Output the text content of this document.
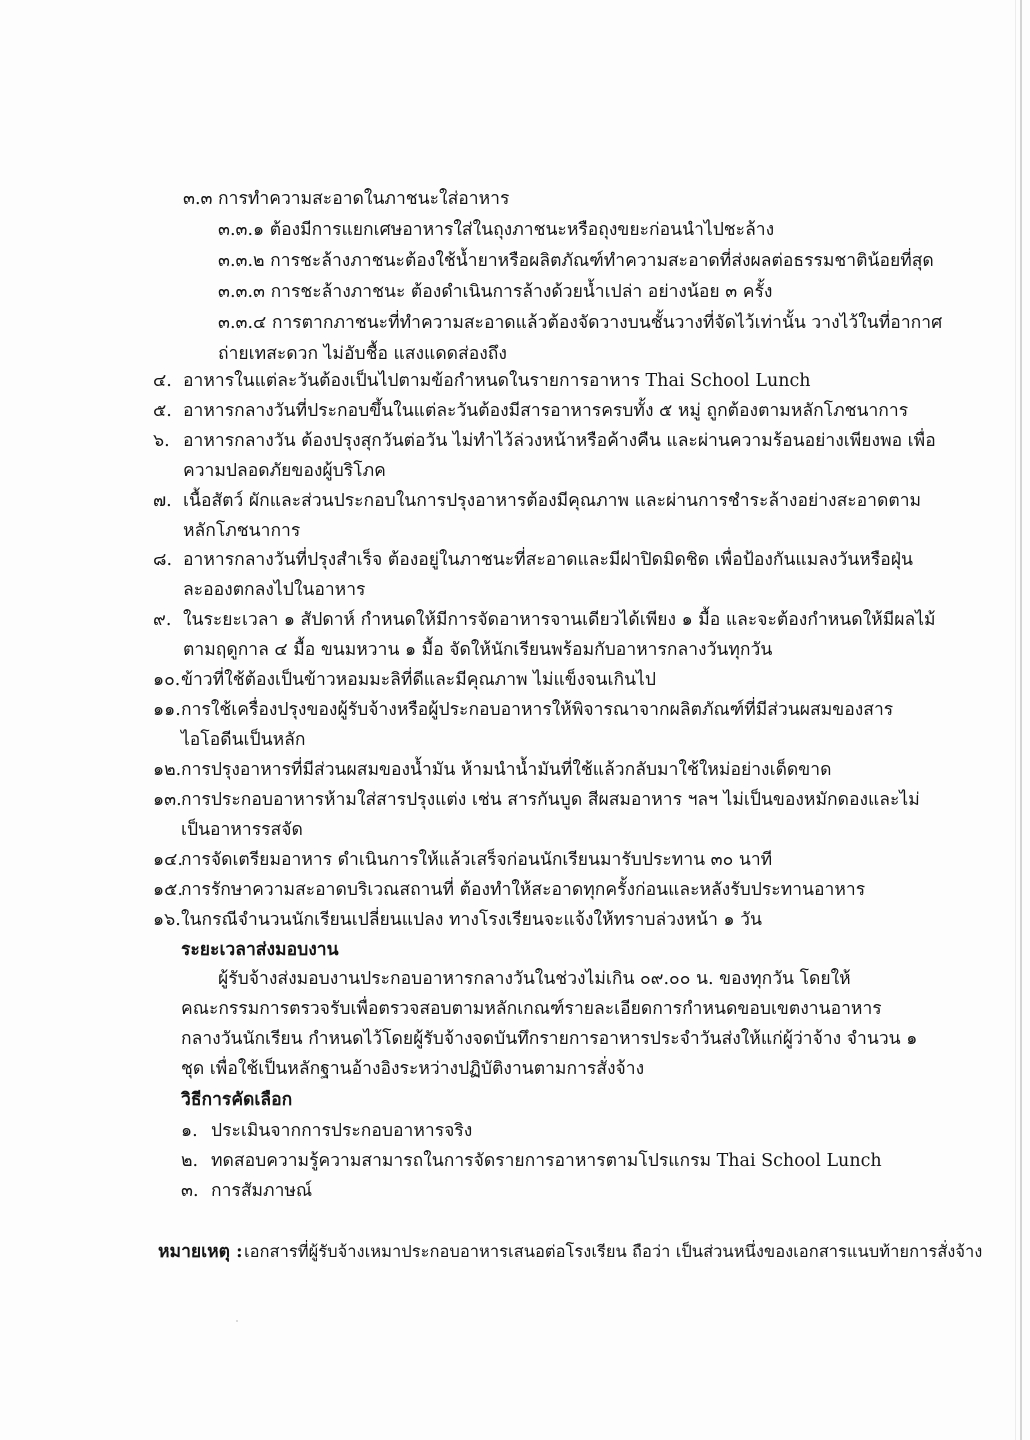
๓.๓ การทำความสะอาดในภาชนะใส่อาหาร
๓.๓.๑ ต้องมีการแยกเศษอาหารใส่ในถุงภาชนะหรือถุงขยะก่อนนำไปชะล้าง
๓.๓.๒ การชะล้างภาชนะต้องใช้น้ำยาหรือผลิตภัณฑ์ทำความสะอาดที่ส่งผลต่อธรรมชาติน้อยที่สุด
๓.๓.๓ การชะล้างภาชนะ ต้องดำเนินการล้างด้วยน้ำเปล่า อย่างน้อย ๓ ครั้ง
๓.๓.๔ การตากภาชนะที่ทำความสะอาดแล้วต้องจัดวางบนชั้นวางที่จัดไว้เท่านั้น วางไว้ในที่อากาศ
ถ่ายเทสะดวก ไม่อับชื้อ แสงแดดส่องถึง
๔. อาหารในแต่ละวันต้องเป็นไปตามข้อกำหนดในรายการอาหาร Thai School Lunch
๕. อาหารกลางวันที่ประกอบขึ้นในแต่ละวันต้องมีสารอาหารครบทั้ง ๕ หมู่ ถูกต้องตามหลักโภชนาการ
๖. อาหารกลางวัน ต้องปรุงสุกวันต่อวัน ไม่ทำไว้ล่วงหน้าหรือค้างคืน และผ่านความร้อนอย่างเพียงพอ เพื่อ
ความปลอดภัยของผู้บริโภค
๗. เนื้อสัตว์ ผักและส่วนประกอบในการปรุงอาหารต้องมีคุณภาพ และผ่านการชำระล้างอย่างสะอาดตาม
หลักโภชนาการ
๘. อาหารกลางวันที่ปรุงสำเร็จ ต้องอยู่ในภาชนะที่สะอาดและมีฝาปิดมิดชิด เพื่อป้องกันแมลงวันหรือฝุ่น
ละอองตกลงไปในอาหาร
๙. ในระยะเวลา ๑ สัปดาห์ กำหนดให้มีการจัดอาหารจานเดียวได้เพียง ๑ มื้อ และจะต้องกำหนดให้มีผลไม้
ตามฤดูกาล ๔ มื้อ ขนมหวาน ๑ มื้อ จัดให้นักเรียนพร้อมกับอาหารกลางวันทุกวัน
๑๐. ข้าวที่ใช้ต้องเป็นข้าวหอมมะลิที่ดีและมีคุณภาพ ไม่แข็งจนเกินไป
๑๑. การใช้เครื่องปรุงของผู้รับจ้างหรือผู้ประกอบอาหารให้พิจารณาจากผลิตภัณฑ์ที่มีส่วนผสมของสาร
ไอโอดีนเป็นหลัก
๑๒. การปรุงอาหารที่มีส่วนผสมของน้ำมัน ห้ามนำน้ำมันที่ใช้แล้วกลับมาใช้ใหม่อย่างเด็ดขาด
๑๓. การประกอบอาหารห้ามใส่สารปรุงแต่ง เช่น สารกันบูด สีผสมอาหาร ฯลฯ ไม่เป็นของหมักดองและไม่
เป็นอาหารรสจัด
๑๔.
การจัดเตรียมอาหาร ดำเนินการให้แล้วเสร็จก่อนนักเรียนมารับประทาน ๓๐ นาที
๑๕.
การรักษาความสะอาดบริเวณสถานที่ ต้องทำให้สะอาดทุกครั้งก่อนและหลังรับประทานอาหาร
๑๖. ในกรณีจำนวนนักเรียนเปลี่ยนแปลง ทางโรงเรียนจะแจ้งให้ทราบล่วงหน้า ๑ วัน
ระยะเวลาส่งมอบงาน
ผู้รับจ้างส่งมอบงานประกอบอาหารกลางวันในช่วงไม่เกิน ๐๙.๐๐ น. ของทุกวัน โดยให้
คณะกรรมการตรวจรับเพื่อตรวจสอบตามหลักเกณฑ์รายละเอียดการกำหนดขอบเขตงานอาหาร
กลางวันนักเรียน กำหนดไว้โดยผู้รับจ้างจดบันทึกรายการอาหารประจำวันส่งให้แก่ผู้ว่าจ้าง จำนวน ๑
ชุด เพื่อใช้เป็นหลักฐานอ้างอิงระหว่างปฏิบัติงานตามการสั่งจ้าง
วิธีการคัดเลือก
๑. ประเมินจากการประกอบอาหารจริง
๒. ทดสอบความรู้ความสามารถในการจัดรายการอาหารตามโปรแกรม Thai School Lunch
๓. การสัมภาษณ์
หมายเหตุ : เอกสารที่ผู้รับจ้างเหมาประกอบอาหารเสนอต่อโรงเรียน ถือว่า เป็นส่วนหนึ่งของเอกสารแนบท้ายการสั่งจ้าง
